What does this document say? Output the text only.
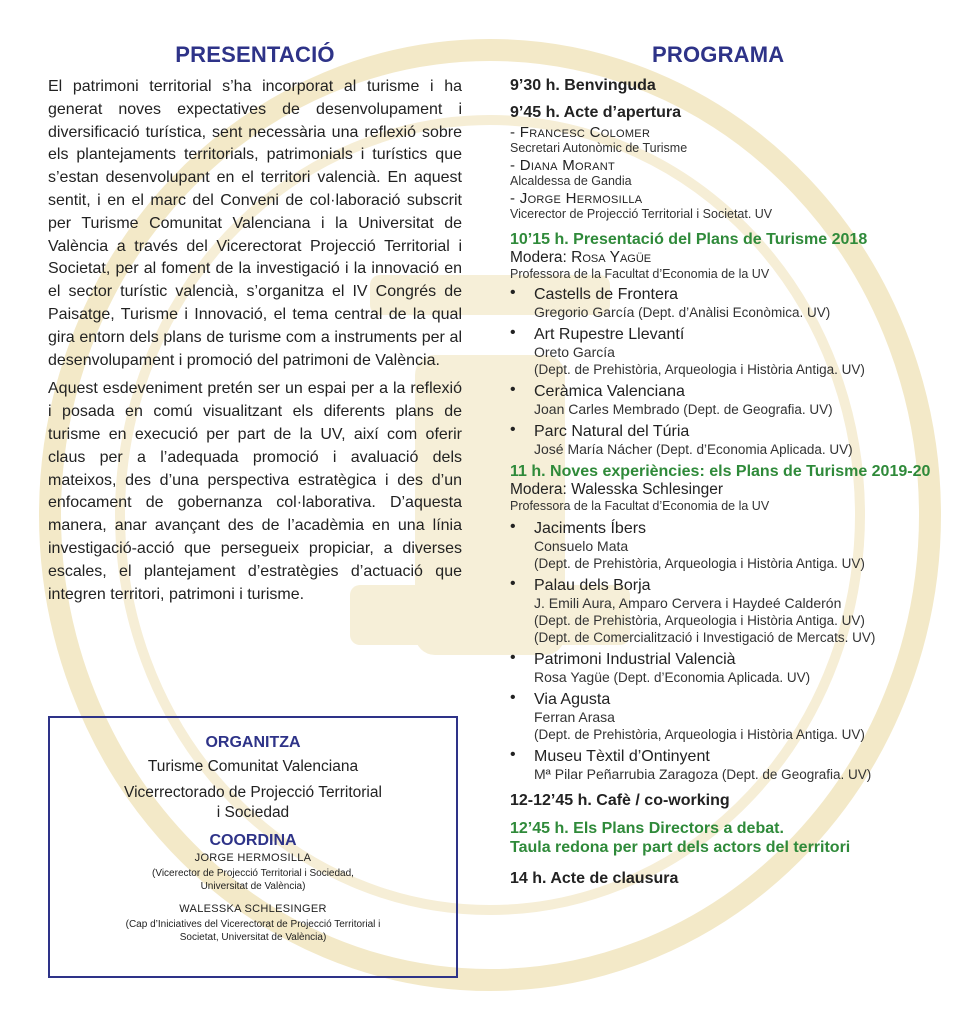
PRESENTACIÓ

El patrimoni territorial s’ha incorporat al turisme i ha generat noves expectatives de desenvolupament i diversificació turística, sent necessària una reflexió sobre els plantejaments territorials, patrimonials i turístics que s’estan desenvolupant en el territori valencià. En aquest sentit, i en el marc del Conveni de col·laboració subscrit per Turisme Comunitat Valenciana i la Universitat de València a través del Vicerectorat Projecció Territorial i Societat, per al foment de la investigació i la innovació en el sector turístic valencià, s’organitza el IV Congrés de Paisatge, Turisme i Innovació, el tema central de la qual gira entorn dels plans de turisme com a instruments per al desenvolupament i promoció del patrimoni de València.

Aquest esdeveniment pretén ser un espai per a la reflexió i posada en comú visualitzant els diferents plans de turisme en execució per part de la UV, així com oferir claus per a l’adequada promoció i avaluació dels mateixos, des d’una perspectiva estratègica i des d’un enfocament de gobernanza col·laborativa. D’aquesta manera, anar avançant des de l’acadèmia en una línia investigació-acció que persegueix propiciar, a diverses escales, el plantejament d’estratègies d’actuació que integren territori, patrimoni i turisme.

ORGANITZA
Turisme Comunitat Valenciana
Vicerrectorado de Projecció Territorial
i Sociedad
COORDINA
JORGE HERMOSILLA
(Vicerector de Projecció Territorial i Sociedad,
Universitat de València)
WALESSKA SCHLESINGER
(Cap d’Iniciatives del Vicerectorat de Projecció Territorial i
Societat, Universitat de València)
PROGRAMA
9’30 h. Benvinguda
9’45 h. Acte d’apertura
- Francesc Colomer
Secretari Autonòmic de Turisme
- Diana Morant
Alcaldessa de Gandia
- Jorge Hermosilla
Vicerector de Projecció Territorial i Societat. UV
10’15 h. Presentació del Plans de Turisme 2018
Modera: Rosa Yagüe
Professora de la Facultat d’Economia de la UV
• Castells de Frontera
Gregorio García (Dept. d’Anàlisi Econòmica. UV)
• Art Rupestre Llevantí
Oreto García
(Dept. de Prehistòria, Arqueologia i Història Antiga. UV)
• Ceràmica Valenciana
Joan Carles Membrado (Dept. de Geografia. UV)
• Parc Natural del Túria
José María Nácher (Dept. d’Economia Aplicada. UV)
11 h. Noves experiències: els Plans de Turisme 2019-20
Modera: Walesska Schlesinger
Professora de la Facultat d’Economia de la UV
• Jaciments Íbers
Consuelo Mata
(Dept. de Prehistòria, Arqueologia i Història Antiga. UV)
• Palau dels Borja
J. Emili Aura, Amparo Cervera i Haydeé Calderón
(Dept. de Prehistòria, Arqueologia i Història Antiga. UV)
(Dept. de Comercialització i Investigació de Mercats. UV)
• Patrimoni Industrial Valencià
Rosa Yagüe (Dept. d’Economia Aplicada. UV)
• Via Agusta
Ferran Arasa
(Dept. de Prehistòria, Arqueologia i Història Antiga. UV)
• Museu Tèxtil d’Ontinyent
Mª Pilar Peñarrubia Zaragoza (Dept. de Geografia. UV)
12-12’45 h. Cafè / co-working
12’45 h. Els Plans Directors a debat.
Taula redona per part dels actors del territori
14 h. Acte de clausura
